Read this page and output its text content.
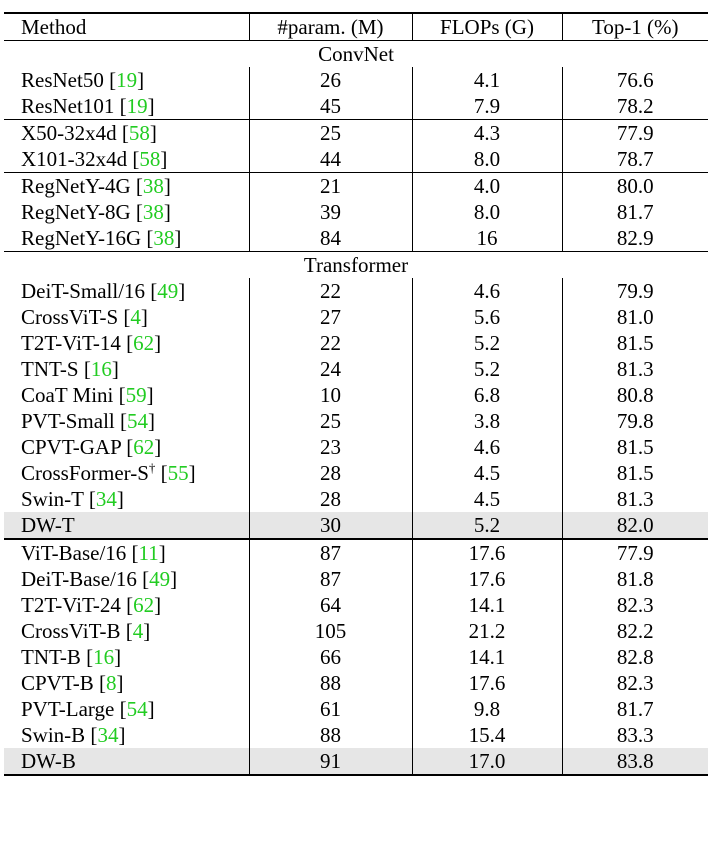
Method	#param. (M)	FLOPs (G)	Top-1 (%)
ConvNet			
ResNet50 [19]	26	4.1	76.6
ResNet101 [19]	45	7.9	78.2
X50-32x4d [58]	25	4.3	77.9
X101-32x4d [58]	44	8.0	78.7
RegNetY-4G [38]	21	4.0	80.0
RegNetY-8G [38]	39	8.0	81.7
RegNetY-16G [38]	84	16	82.9
Transformer			
DeiT-Small/16 [49]	22	4.6	79.9
CrossViT-S [4]	27	5.6	81.0
T2T-ViT-14 [62]	22	5.2	81.5
TNT-S [16]	24	5.2	81.3
CoaT Mini [59]	10	6.8	80.8
PVT-Small [54]	25	3.8	79.8
CPVT-GAP [62]	23	4.6	81.5
CrossFormer-S† [55]	28	4.5	81.5
Swin-T [34]	28	4.5	81.3
DW-T	30	5.2	82.0
ViT-Base/16 [11]	87	17.6	77.9
DeiT-Base/16 [49]	87	17.6	81.8
T2T-ViT-24 [62]	64	14.1	82.3
CrossViT-B [4]	105	21.2	82.2
TNT-B [16]	66	14.1	82.8
CPVT-B [8]	88	17.6	82.3
PVT-Large [54]	61	9.8	81.7
Swin-B [34]	88	15.4	83.3
DW-B	91	17.0	83.8
